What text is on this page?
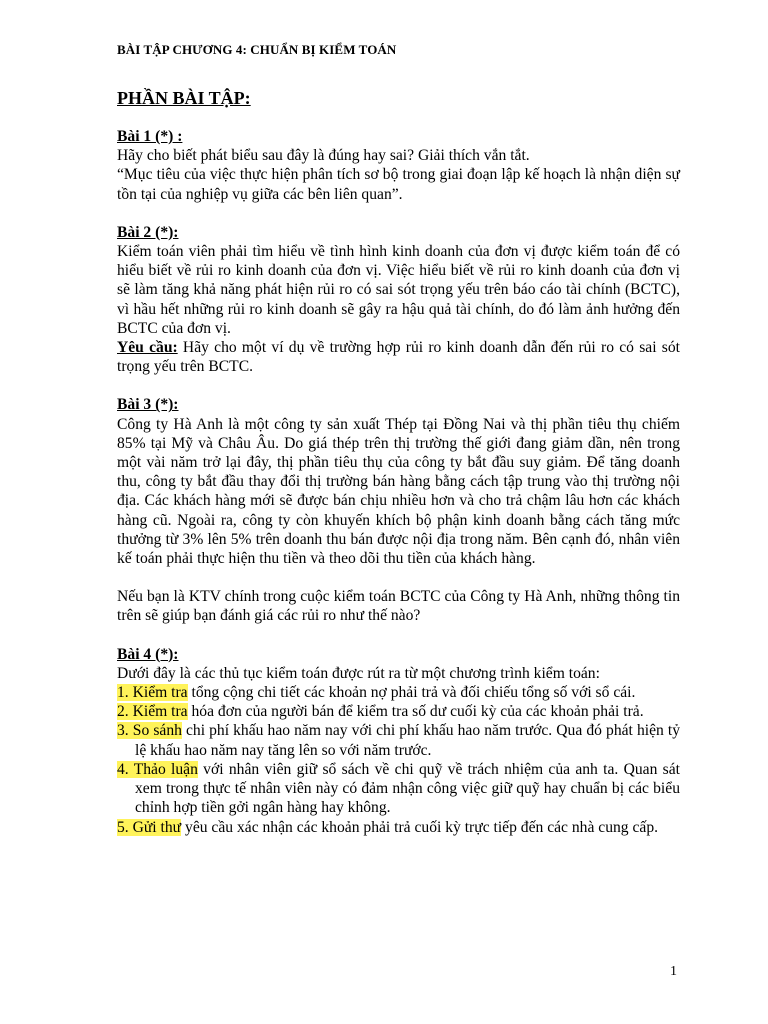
BÀI TẬP CHƯƠNG 4: CHUẨN BỊ KIỂM TOÁN
PHẦN BÀI TẬP:
Bài 1 (*) :
Hãy cho biết phát biểu sau đây là đúng hay sai? Giải thích vắn tắt.
“Mục tiêu của việc thực hiện phân tích sơ bộ trong giai đoạn lập kế hoạch là nhận diện sự tồn tại của nghiệp vụ giữa các bên liên quan”.
Bài 2 (*):
Kiểm toán viên phải tìm hiểu về tình hình kinh doanh của đơn vị được kiểm toán để có hiểu biết về rủi ro kinh doanh của đơn vị. Việc hiểu biết về rủi ro kinh doanh của đơn vị sẽ làm tăng khả năng phát hiện rủi ro có sai sót trọng yếu trên báo cáo tài chính (BCTC), vì hầu hết những rủi ro kinh doanh sẽ gây ra hậu quả tài chính, do đó làm ảnh hưởng đến BCTC của đơn vị.
Yêu cầu: Hãy cho một ví dụ về trường hợp rủi ro kinh doanh dẫn đến rủi ro có sai sót trọng yếu trên BCTC.
Bài 3 (*):
Công ty Hà Anh là một công ty sản xuất Thép tại Đồng Nai và thị phần tiêu thụ chiếm 85% tại Mỹ và Châu Âu. Do giá thép trên thị trường thế giới đang giảm dần, nên trong một vài năm trở lại đây, thị phần tiêu thụ của công ty bắt đầu suy giảm. Để tăng doanh thu, công ty bắt đầu thay đổi thị trường bán hàng bằng cách tập trung vào thị trường nội địa. Các khách hàng mới sẽ được bán chịu nhiều hơn và cho trả chậm lâu hơn các khách hàng cũ. Ngoài ra, công ty còn khuyến khích bộ phận kinh doanh bằng cách tăng mức thưởng từ 3% lên 5% trên doanh thu bán được nội địa trong năm. Bên cạnh đó, nhân viên kế toán phải thực hiện thu tiền và theo dõi thu tiền của khách hàng.
Nếu bạn là KTV chính trong cuộc kiểm toán BCTC của Công ty Hà Anh, những thông tin trên sẽ giúp bạn đánh giá các rủi ro như thế nào?
Bài 4 (*):
Dưới đây là các thủ tục kiểm toán được rút ra từ một chương trình kiểm toán:
1. Kiểm tra tổng cộng chi tiết các khoản nợ phải trả và đối chiếu tổng số với sổ cái.
2. Kiểm tra hóa đơn của người bán để kiểm tra số dư cuối kỳ của các khoản phải trả.
3. So sánh chi phí khấu hao năm nay với chi phí khấu hao năm trước. Qua đó phát hiện tỷ lệ khấu hao năm nay tăng lên so với năm trước.
4. Thảo luận với nhân viên giữ sổ sách về chi quỹ về trách nhiệm của anh ta. Quan sát xem trong thực tế nhân viên này có đảm nhận công việc giữ quỹ hay chuẩn bị các biểu chỉnh hợp tiền gởi ngân hàng hay không.
5. Gửi thư yêu cầu xác nhận các khoản phải trả cuối kỳ trực tiếp đến các nhà cung cấp.
1
